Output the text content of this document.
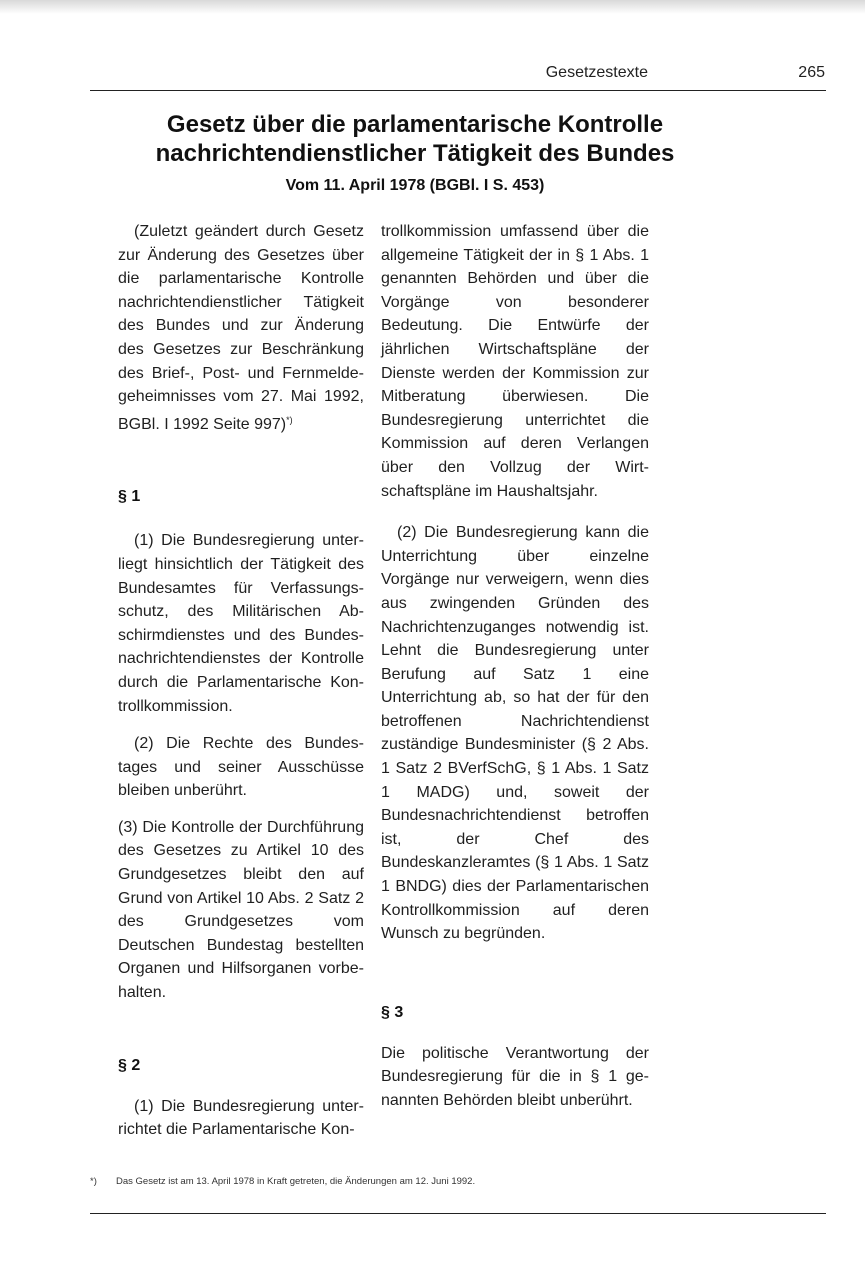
Gesetzestexte	265
Gesetz über die parlamentarische Kontrolle
nachrichtendienstlicher Tätigkeit des Bundes
Vom 11. April 1978 (BGBl. I S. 453)

(Zuletzt geändert durch Gesetz zur Änderung des Gesetzes über die parlamentarische Kontrolle nachrichtendienstlicher Tätigkeit des Bundes und zur Änderung des Gesetzes zur Beschränkung des Brief-, Post- und Fernmeldegeheimnisses vom 27. Mai 1992, BGBl. I 1992 Seite 997)*)

§ 1

(1) Die Bundesregierung unterliegt hinsichtlich der Tätigkeit des Bundesamtes für Verfassungsschutz, des Militärischen Abschirmdienstes und des Bundesnachrichtendienstes der Kontrolle durch die Parlamentarische Kontrollkommission.

(2) Die Rechte des Bundestages und seiner Ausschüsse bleiben unberührt.

(3) Die Kontrolle der Durchführung des Gesetzes zu Artikel 10 des Grundgesetzes bleibt den auf Grund von Artikel 10 Abs. 2 Satz 2 des Grundgesetzes vom Deutschen Bundestag bestellten Organen und Hilfsorganen vorbehalten.

§ 2

(1) Die Bundesregierung unterrichtet die Parlamentarische Kon-

trollkommission umfassend über die allgemeine Tätigkeit der in § 1 Abs. 1 genannten Behörden und über die Vorgänge von besonderer Bedeutung. Die Entwürfe der jährlichen Wirtschaftspläne der Dienste werden der Kommission zur Mitberatung überwiesen. Die Bundesregierung unterrichtet die Kommission auf deren Verlangen über den Vollzug der Wirtschaftspläne im Haushaltsjahr.

(2) Die Bundesregierung kann die Unterrichtung über einzelne Vorgänge nur verweigern, wenn dies aus zwingenden Gründen des Nachrichtenzuganges notwendig ist. Lehnt die Bundesregierung unter Berufung auf Satz 1 eine Unterrichtung ab, so hat der für den betroffenen Nachrichtendienst zuständige Bundesminister (§ 2 Abs. 1 Satz 2 BVerfSchG, § 1 Abs. 1 Satz 1 MADG) und, soweit der Bundesnachrichtendienst betroffen ist, der Chef des Bundeskanzleramtes (§ 1 Abs. 1 Satz 1 BNDG) dies der Parlamentarischen Kontrollkommission auf deren Wunsch zu begründen.

§ 3

Die politische Verantwortung der Bundesregierung für die in § 1 genannten Behörden bleibt unberührt.

*) Das Gesetz ist am 13. April 1978 in Kraft getreten, die Änderungen am 12. Juni 1992.
